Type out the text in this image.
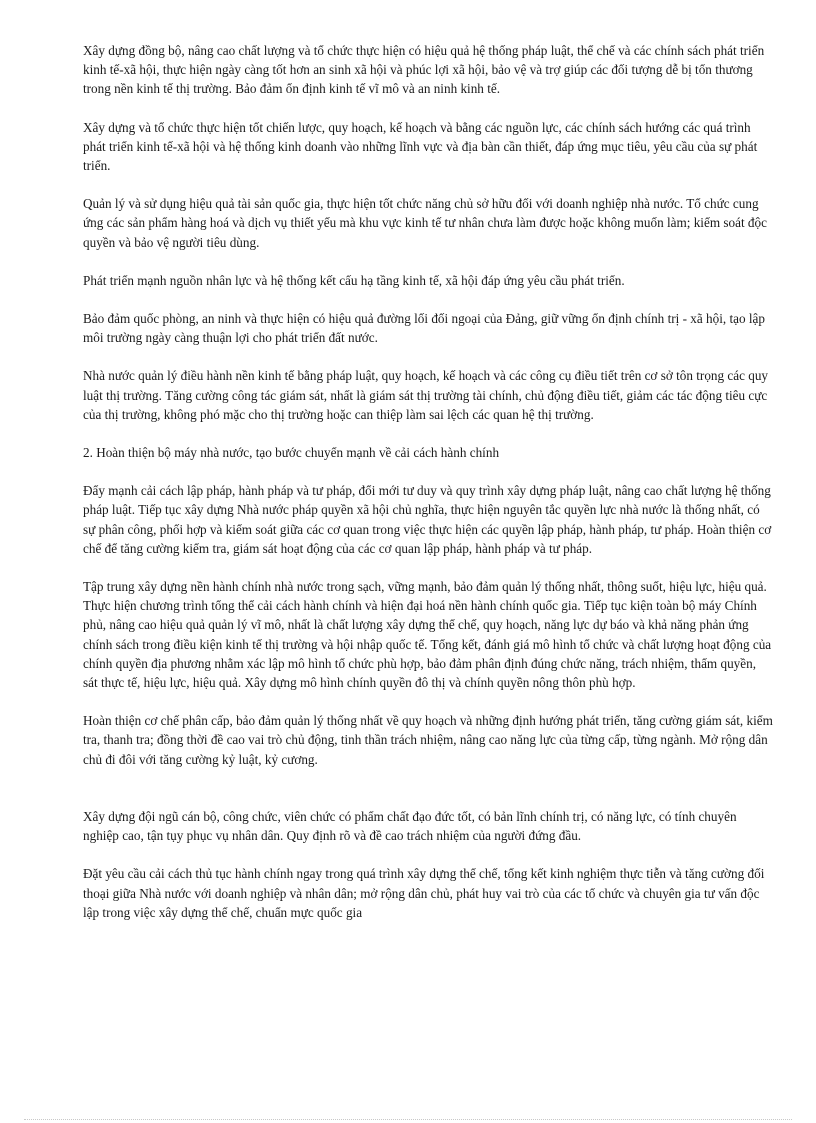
Xây dựng đồng bộ, nâng cao chất lượng và tổ chức thực hiện có hiệu quả hệ thống pháp luật, thể chế và các chính sách phát triển kinh tế-xã hội, thực hiện ngày càng tốt hơn an sinh xã hội và phúc lợi xã hội, bảo vệ và trợ giúp các đối tượng dễ bị tổn thương trong nền kinh tế thị trường. Bảo đảm ổn định kinh tế vĩ mô và an ninh kinh tế.

Xây dựng và tổ chức thực hiện tốt chiến lược, quy hoạch, kế hoạch và bằng các nguồn lực, các chính sách hướng các quá trình phát triển kinh tế-xã hội và hệ thống kinh doanh vào những lĩnh vực và địa bàn cần thiết, đáp ứng mục tiêu, yêu cầu của sự phát triển.

Quản lý và sử dụng hiệu quả tài sản quốc gia, thực hiện tốt chức năng chủ sở hữu đối với doanh nghiệp nhà nước. Tổ chức cung ứng các sản phẩm hàng hoá và dịch vụ thiết yếu mà khu vực kinh tế tư nhân chưa làm được hoặc không muốn làm; kiểm soát độc quyền và bảo vệ người tiêu dùng.

Phát triển mạnh nguồn nhân lực và hệ thống kết cấu hạ tầng kinh tế, xã hội đáp ứng yêu cầu phát triển.

Bảo đảm quốc phòng, an ninh và thực hiện có hiệu quả đường lối đối ngoại của Đảng, giữ vững ổn định chính trị - xã hội, tạo lập môi trường ngày càng thuận lợi cho phát triển đất nước.

Nhà nước quản lý điều hành nền kinh tế bằng pháp luật, quy hoạch, kế hoạch và các công cụ điều tiết trên cơ sở tôn trọng các quy luật thị trường. Tăng cường công tác giám sát, nhất là giám sát thị trường tài chính, chủ động điều tiết, giảm các tác động tiêu cực của thị trường, không phó mặc cho thị trường hoặc can thiệp làm sai lệch các quan hệ thị trường.

2. Hoàn thiện bộ máy nhà nước, tạo bước chuyển mạnh về cải cách hành chính

Đẩy mạnh cải cách lập pháp, hành pháp và tư pháp, đổi mới tư duy và quy trình xây dựng pháp luật, nâng cao chất lượng hệ thống pháp luật. Tiếp tục xây dựng Nhà nước pháp quyền xã hội chủ nghĩa, thực hiện nguyên tắc quyền lực nhà nước là thống nhất, có sự phân công, phối hợp và kiểm soát giữa các cơ quan trong việc thực hiện các quyền lập pháp, hành pháp, tư pháp. Hoàn thiện cơ chế để tăng cường kiểm tra, giám sát hoạt động của các cơ quan lập pháp, hành pháp và tư pháp.

Tập trung xây dựng nền hành chính nhà nước trong sạch, vững mạnh, bảo đảm quản lý thống nhất, thông suốt, hiệu lực, hiệu quả. Thực hiện chương trình tổng thể cải cách hành chính và hiện đại hoá nền hành chính quốc gia. Tiếp tục kiện toàn bộ máy Chính phủ, nâng cao hiệu quả quản lý vĩ mô, nhất là chất lượng xây dựng thể chế, quy hoạch, năng lực dự báo và khả năng phản ứng chính sách trong điều kiện kinh tế thị trường và hội nhập quốc tế. Tổng kết, đánh giá mô hình tổ chức và chất lượng hoạt động của chính quyền địa phương nhằm xác lập mô hình tổ chức phù hợp, bảo đảm phân định đúng chức năng, trách nhiệm, thẩm quyền, sát thực tế, hiệu lực, hiệu quả. Xây dựng mô hình chính quyền đô thị và chính quyền nông thôn phù hợp.

Hoàn thiện cơ chế phân cấp, bảo đảm quản lý thống nhất về quy hoạch và những định hướng phát triển, tăng cường giám sát, kiểm tra, thanh tra; đồng thời đề cao vai trò chủ động, tinh thần trách nhiệm, nâng cao năng lực của từng cấp, từng ngành. Mở rộng dân chủ đi đôi với tăng cường kỷ luật, kỷ cương.

Xây dựng đội ngũ cán bộ, công chức, viên chức có phẩm chất đạo đức tốt, có bản lĩnh chính trị, có năng lực, có tính chuyên nghiệp cao, tận tụy phục vụ nhân dân. Quy định rõ và đề cao trách nhiệm của người đứng đầu.

Đặt yêu cầu cải cách thủ tục hành chính ngay trong quá trình xây dựng thể chế, tổng kết kinh nghiệm thực tiễn và tăng cường đối thoại giữa Nhà nước với doanh nghiệp và nhân dân; mở rộng dân chủ, phát huy vai trò của các tổ chức và chuyên gia tư vấn độc lập trong việc xây dựng thể chế, chuẩn mực quốc gia
